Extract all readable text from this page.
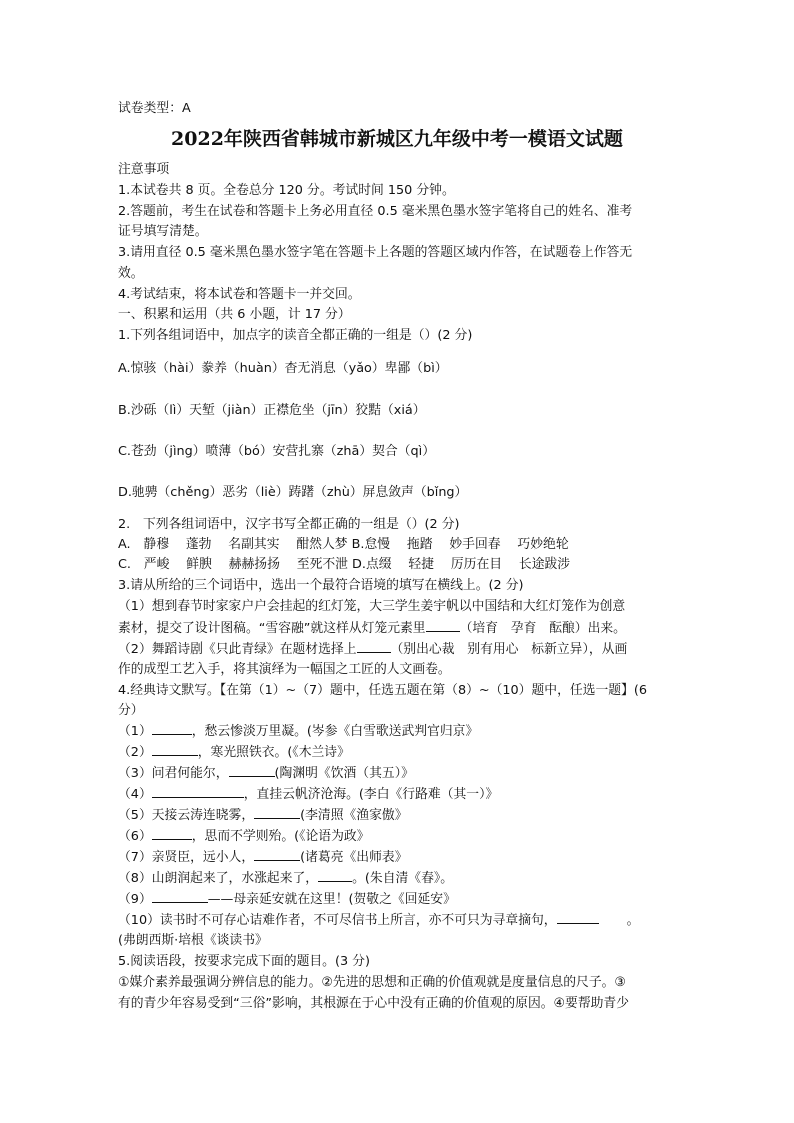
试卷类型：A
2022年陕西省韩城市新城区九年级中考一模语文试题
注意事项
1.本试卷共 8 页。全卷总分 120 分。考试时间 150 分钟。
2.答题前，考生在试卷和答题卡上务必用直径 0.5 毫米黑色墨水签字笔将自己的姓名、准考
证号填写清楚。
3.请用直径 0.5 毫米黑色墨水签字笔在答题卡上各题的答题区域内作答，在试题卷上作答无
效。
4.考试结束，将本试卷和答题卡一并交回。
一、积累和运用（共 6 小题，计 17 分）
1.下列各组词语中，加点字的读音全都正确的一组是（）(2 分)
A.惊骇（hài）豢养（huàn）杳无消息（yǎo）卑鄙（bì）
B.沙砾（lì）天堑（jiàn）正襟危坐（jīn）狡黠（xiá）
C.苍劲（jìng）喷薄（bó）安营扎寨（zhā）契合（qì）
D.驰骋（chěng）恶劣（liè）踌躇（zhù）屏息敛声（bǐng）
2.　下列各组词语中，汉字书写全都正确的一组是（）(2 分)
A.　静穆　 蓬勃　 名副其实　 酣然人梦 B.怠慢　 拖踏　 妙手回春　 巧妙绝轮
C.　严峻　 鲜腴　 赫赫扬扬　 至死不泄 D.点缀　 轻捷　 厉历在目　 长途跋涉
3.请从所给的三个词语中，选出一个最符合语境的填写在横线上。(2 分)
（1）想到春节时家家户户会挂起的红灯笼，大三学生姜宇帆以中国结和大红灯笼作为创意
素材，提交了设计图稿。“雪容融”就这样从灯笼元素里	（培育　孕育　酝酿）出来。
（2）舞蹈诗剧《只此青绿》在题材选择上	（别出心裁　别有用心　标新立异），从画
作的成型工艺入手，将其演绎为一幅国之工匠的人文画卷。
4.经典诗文默写。【在第（1）~（7）题中，任选五题在第（8）~（10）题中，任选一题】(6
分）
（1）	，愁云惨淡万里凝。(岑参《白雪歌送武判官归京》
（2）	，寒光照铁衣。(《木兰诗》
（3）问君何能尔，	(陶渊明《饮酒（其五）》
（4）	，直挂云帆济沧海。(李白《行路难（其一）》
（5）天接云涛连晓雾，	(李清照《渔家傲》
（6）	，思而不学则殆。(《论语为政》
（7）亲贤臣，远小人，	(诸葛亮《出师表》
（8）山朗润起来了，水涨起来了，	。(朱自清《春》。
（9）	——母亲延安就在这里！(贺敬之《回延安》
（10）读书时不可存心诘难作者，不可尽信书上所言，亦不可只为寻章摘句，	。
(弗朗西斯·培根《谈读书》
5.阅读语段，按要求完成下面的题目。(3 分)
①媒介素养最强调分辨信息的能力。②先进的思想和正确的价值观就是度量信息的尺子。③
有的青少年容易受到“三俗”影响，其根源在于心中没有正确的价值观的原因。④要帮助青少
